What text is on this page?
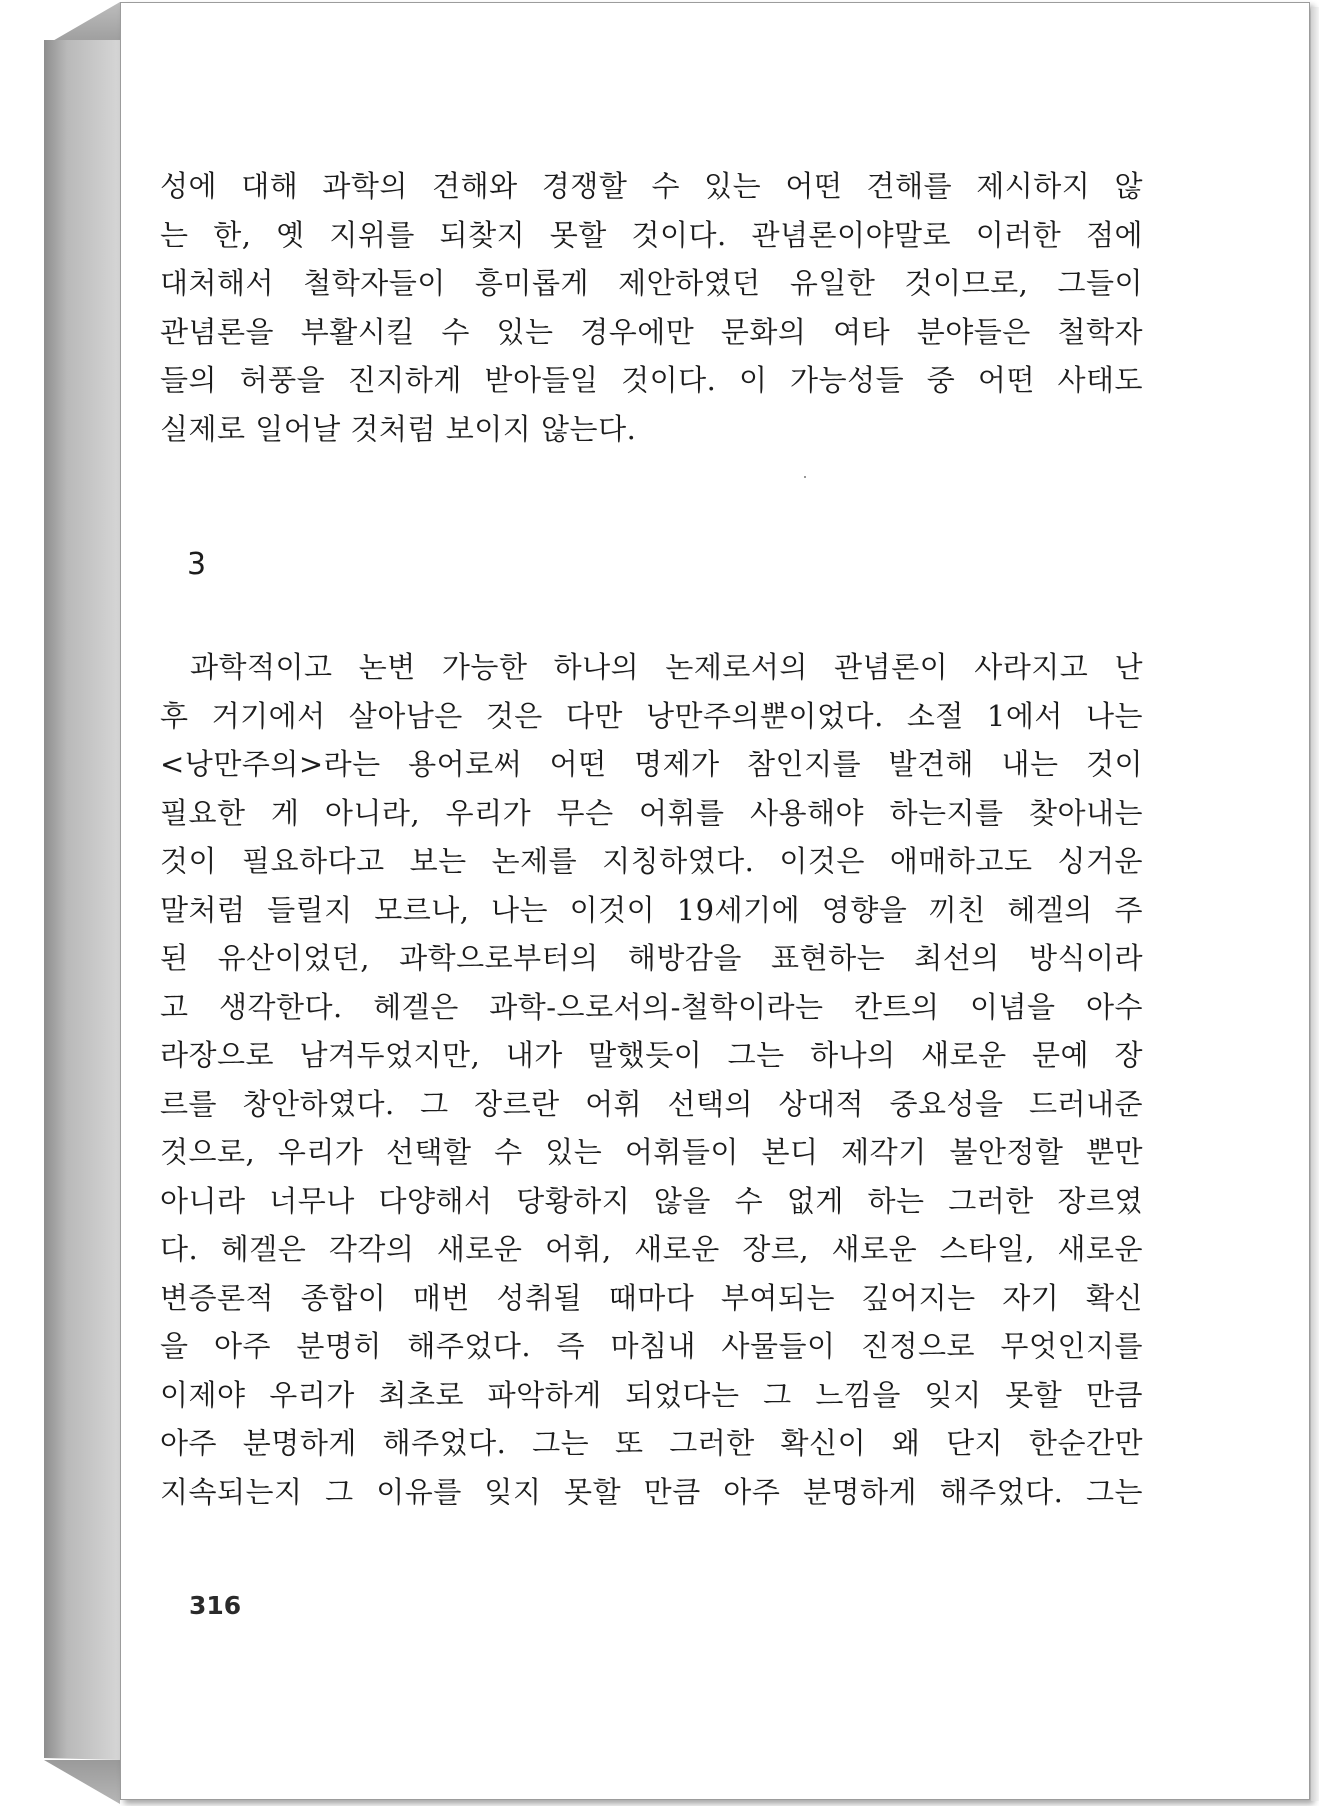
성에 대해 과학의 견해와 경쟁할 수 있는 어떤 견해를 제시하지 않
는 한, 옛 지위를 되찾지 못할 것이다. 관념론이야말로 이러한 점에
대처해서 철학자들이 흥미롭게 제안하였던 유일한 것이므로, 그들이
관념론을 부활시킬 수 있는 경우에만 문화의 여타 분야들은 철학자
들의 허풍을 진지하게 받아들일 것이다. 이 가능성들 중 어떤 사태도
실제로 일어날 것처럼 보이지 않는다.
3
과학적이고 논변 가능한 하나의 논제로서의 관념론이 사라지고 난
후 거기에서 살아남은 것은 다만 낭만주의뿐이었다. 소절 1에서 나는
<낭만주의>라는 용어로써 어떤 명제가 참인지를 발견해 내는 것이
필요한 게 아니라, 우리가 무슨 어휘를 사용해야 하는지를 찾아내는
것이 필요하다고 보는 논제를 지칭하였다. 이것은 애매하고도 싱거운
말처럼 들릴지 모르나, 나는 이것이 19세기에 영향을 끼친 헤겔의 주
된 유산이었던, 과학으로부터의 해방감을 표현하는 최선의 방식이라
고 생각한다. 헤겔은 과학-으로서의-철학이라는 칸트의 이념을 아수
라장으로 남겨두었지만, 내가 말했듯이 그는 하나의 새로운 문예 장
르를 창안하였다. 그 장르란 어휘 선택의 상대적 중요성을 드러내준
것으로, 우리가 선택할 수 있는 어휘들이 본디 제각기 불안정할 뿐만
아니라 너무나 다양해서 당황하지 않을 수 없게 하는 그러한 장르였
다. 헤겔은 각각의 새로운 어휘, 새로운 장르, 새로운 스타일, 새로운
변증론적 종합이 매번 성취될 때마다 부여되는 깊어지는 자기 확신
을 아주 분명히 해주었다. 즉 마침내 사물들이 진정으로 무엇인지를
이제야 우리가 최초로 파악하게 되었다는 그 느낌을 잊지 못할 만큼
아주 분명하게 해주었다. 그는 또 그러한 확신이 왜 단지 한순간만
지속되는지 그 이유를 잊지 못할 만큼 아주 분명하게 해주었다. 그는
316
